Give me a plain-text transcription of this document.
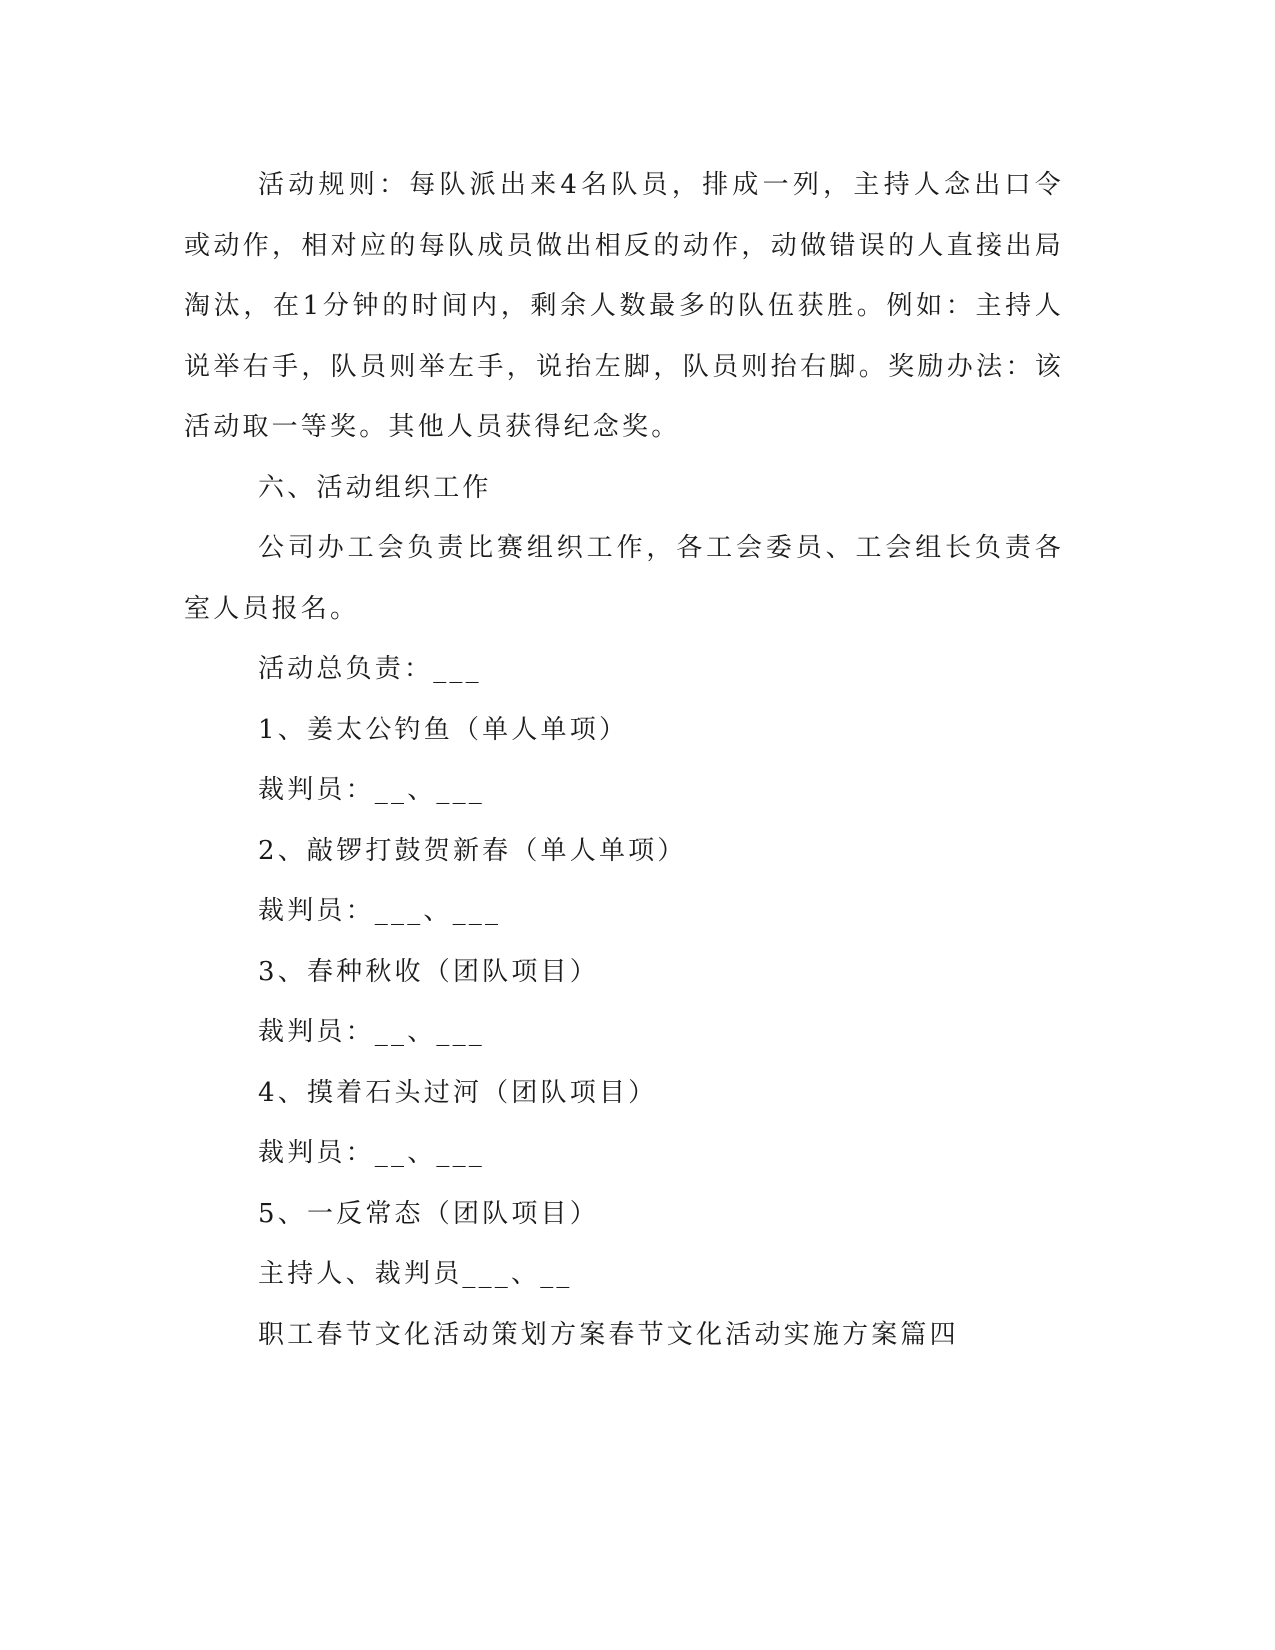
活动规则：每队派出来4名队员，排成一列，主持人念出口令或动作，相对应的每队成员做出相反的动作，动做错误的人直接出局淘汰，在1分钟的时间内，剩余人数最多的队伍获胜。例如：主持人说举右手，队员则举左手，说抬左脚，队员则抬右脚。奖励办法：该活动取一等奖。其他人员获得纪念奖。

六、活动组织工作

公司办工会负责比赛组织工作，各工会委员、工会组长负责各室人员报名。

活动总负责：___

1、姜太公钓鱼（单人单项）

裁判员：__、___

2、敲锣打鼓贺新春（单人单项）

裁判员：___、___

3、春种秋收（团队项目）

裁判员：__、___

4、摸着石头过河（团队项目）

裁判员：__、___

5、一反常态（团队项目）

主持人、裁判员___、__

职工春节文化活动策划方案春节文化活动实施方案篇四
